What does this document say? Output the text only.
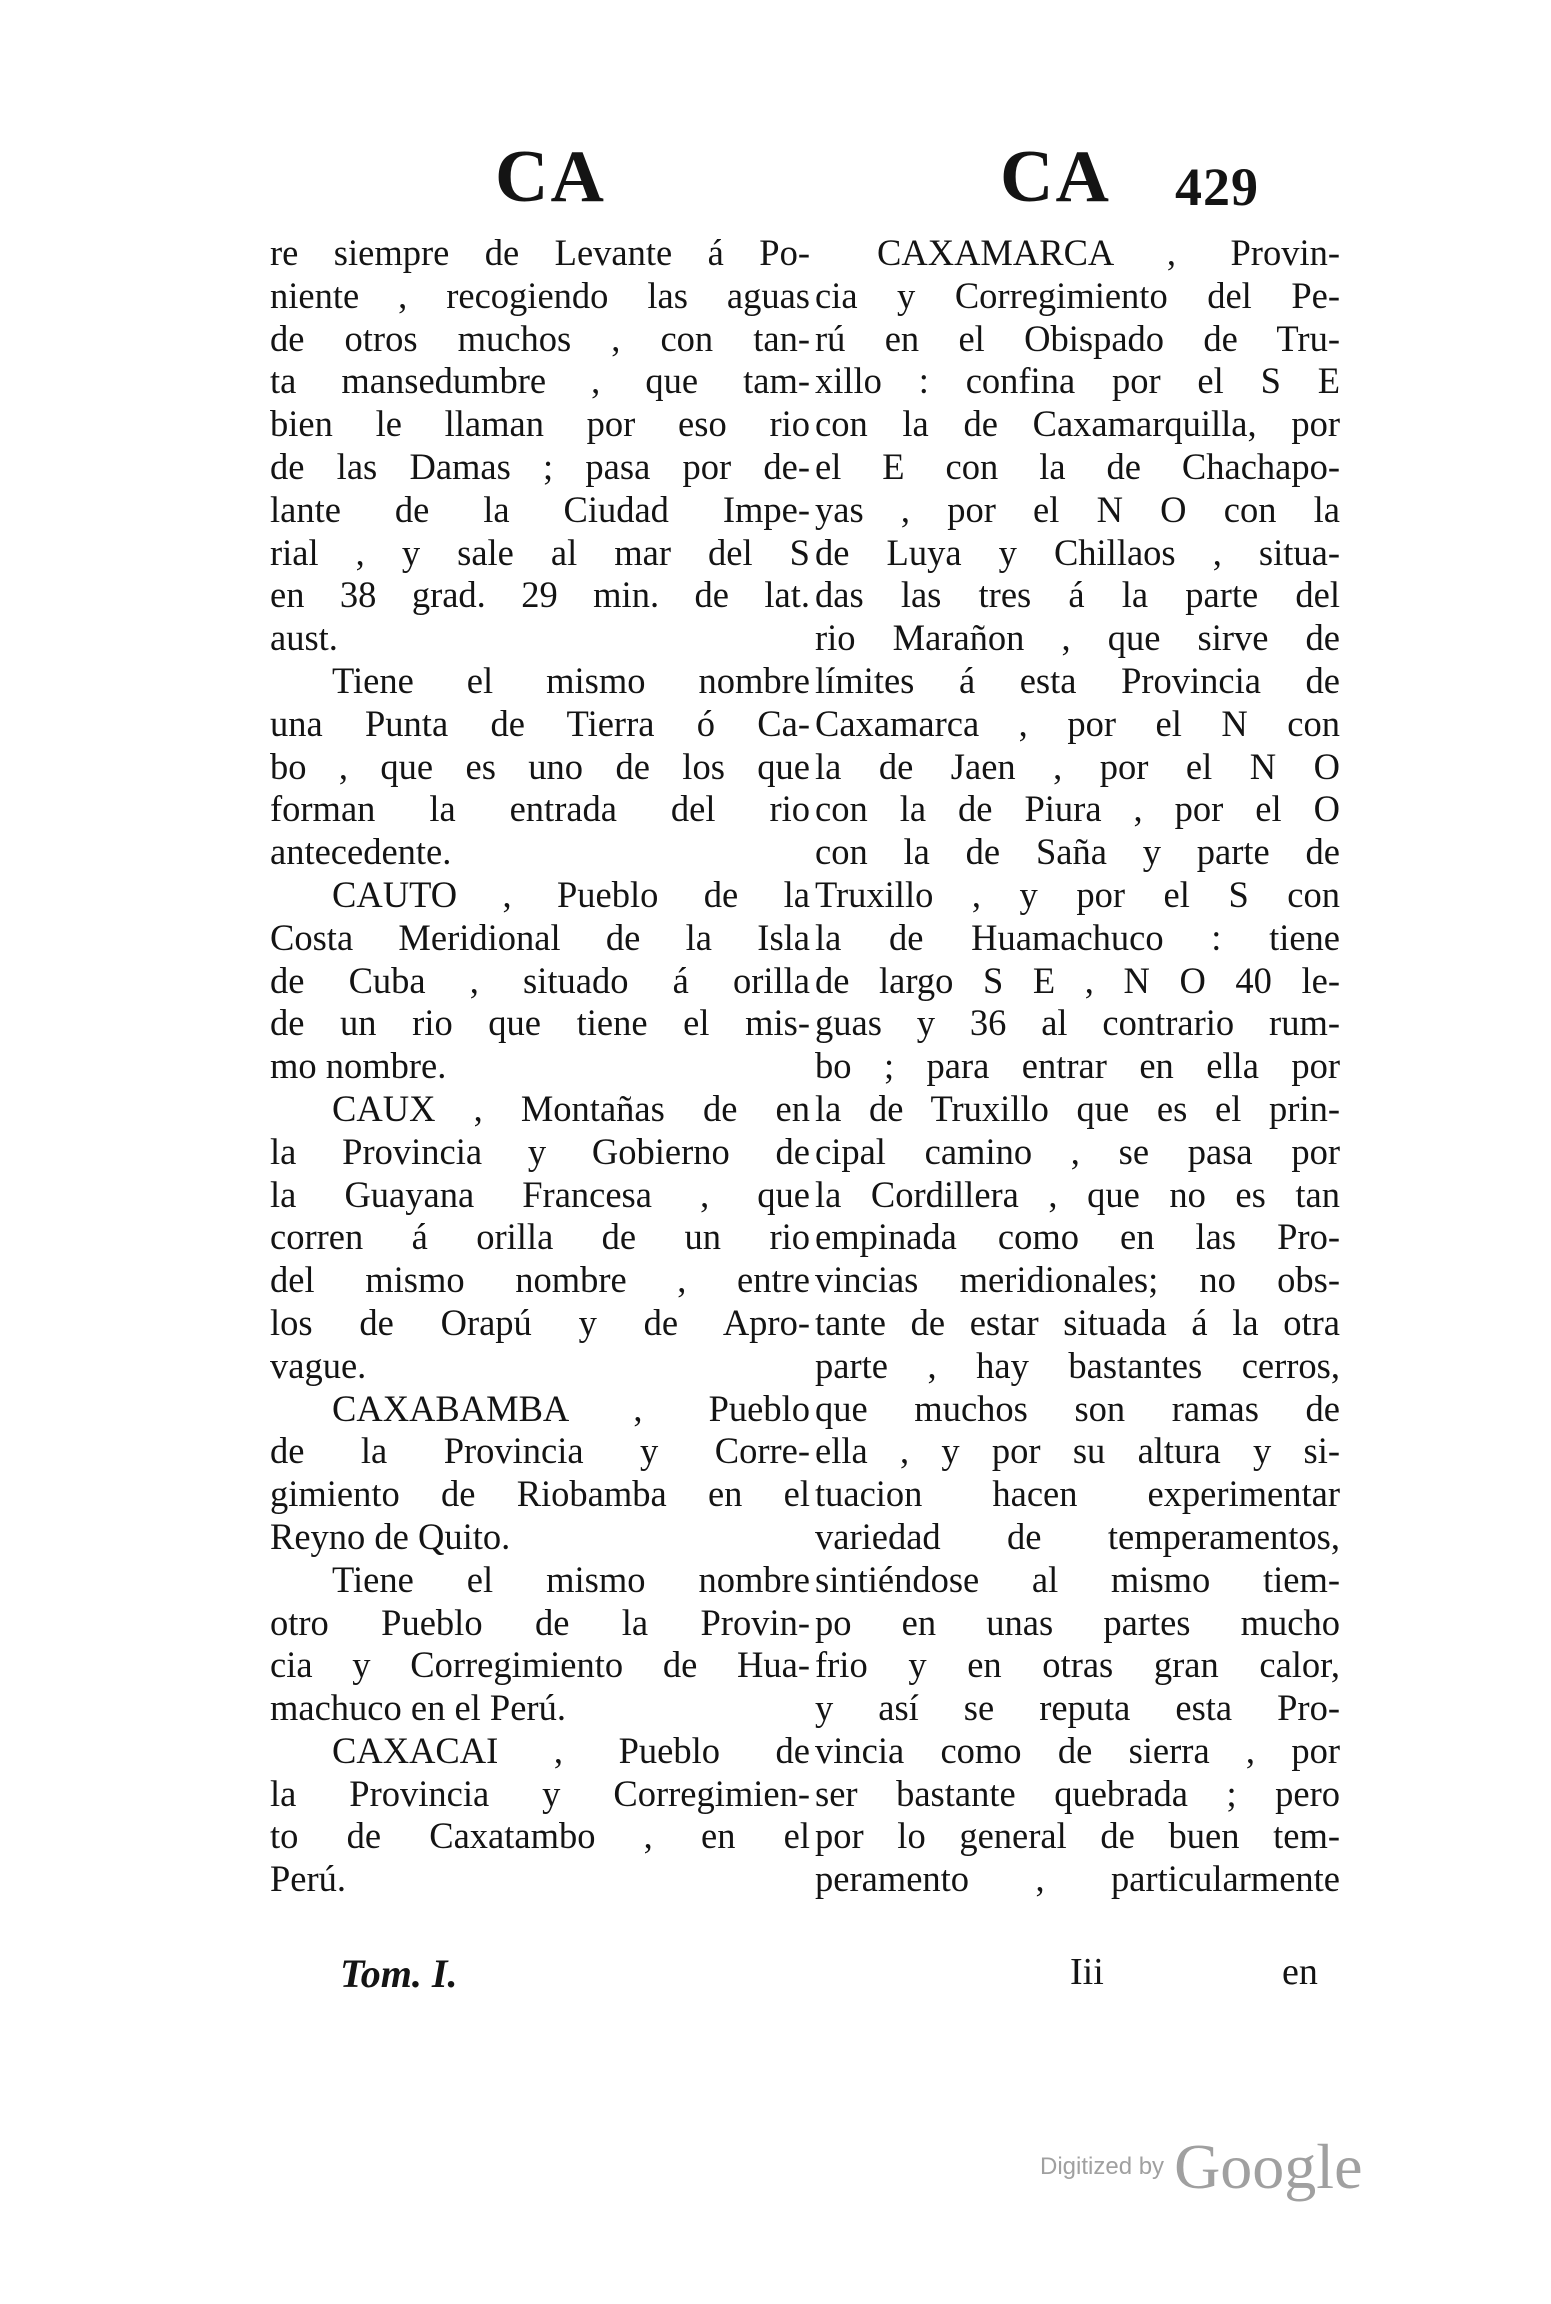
CA	CA 429
re siempre de Levante á Po-
niente , recogiendo las aguas
de otros muchos , con tan-
ta mansedumbre , que tam-
bien le llaman por eso rio
de las Damas ; pasa por de-
lante de la Ciudad Impe-
rial , y sale al mar del S
en 38 grad. 29 min. de lat.
aust.
Tiene el mismo nombre
una Punta de Tierra ó Ca-
bo , que es uno de los que
forman la entrada del rio
antecedente.
CAUTO , Pueblo de la
Costa Meridional de la Isla
de Cuba , situado á orilla
de un rio que tiene el mis-
mo nombre.
CAUX , Montañas de en
la Provincia y Gobierno de
la Guayana Francesa , que
corren á orilla de un rio
del mismo nombre , entre
los de Orapú y de Apro-
vague.
CAXABAMBA , Pueblo
de la Provincia y Corre-
gimiento de Riobamba en el
Reyno de Quito.
Tiene el mismo nombre
otro Pueblo de la Provin-
cia y Corregimiento de Hua-
machuco en el Perú.
CAXACAI , Pueblo de
la Provincia y Corregimien-
to de Caxatambo , en el
Perú.
CAXAMARCA , Provin-
cia y Corregimiento del Pe-
rú en el Obispado de Tru-
xillo : confina por el S E
con la de Caxamarquilla, por
el E con la de Chachapo-
yas , por el N O con la
de Luya y Chillaos , situa-
das las tres á la parte del
rio Marañon , que sirve de
límites á esta Provincia de
Caxamarca , por el N con
la de Jaen , por el N O
con la de Piura , por el O
con la de Saña y parte de
Truxillo , y por el S con
la de Huamachuco : tiene
de largo S E , N O 40 le-
guas y 36 al contrario rum-
bo ; para entrar en ella por
la de Truxillo que es el prin-
cipal camino , se pasa por
la Cordillera , que no es tan
empinada como en las Pro-
vincias meridionales; no obs-
tante de estar situada á la otra
parte , hay bastantes cerros,
que muchos son ramas de
ella , y por su altura y si-
tuacion hacen experimentar
variedad de temperamentos,
sintiéndose al mismo tiem-
po en unas partes mucho
frio y en otras gran calor,
y así se reputa esta Pro-
vincia como de sierra , por
ser bastante quebrada ; pero
por lo general de buen tem-
peramento , particularmente
Tom. I.	Iii	en
Digitized by Google
